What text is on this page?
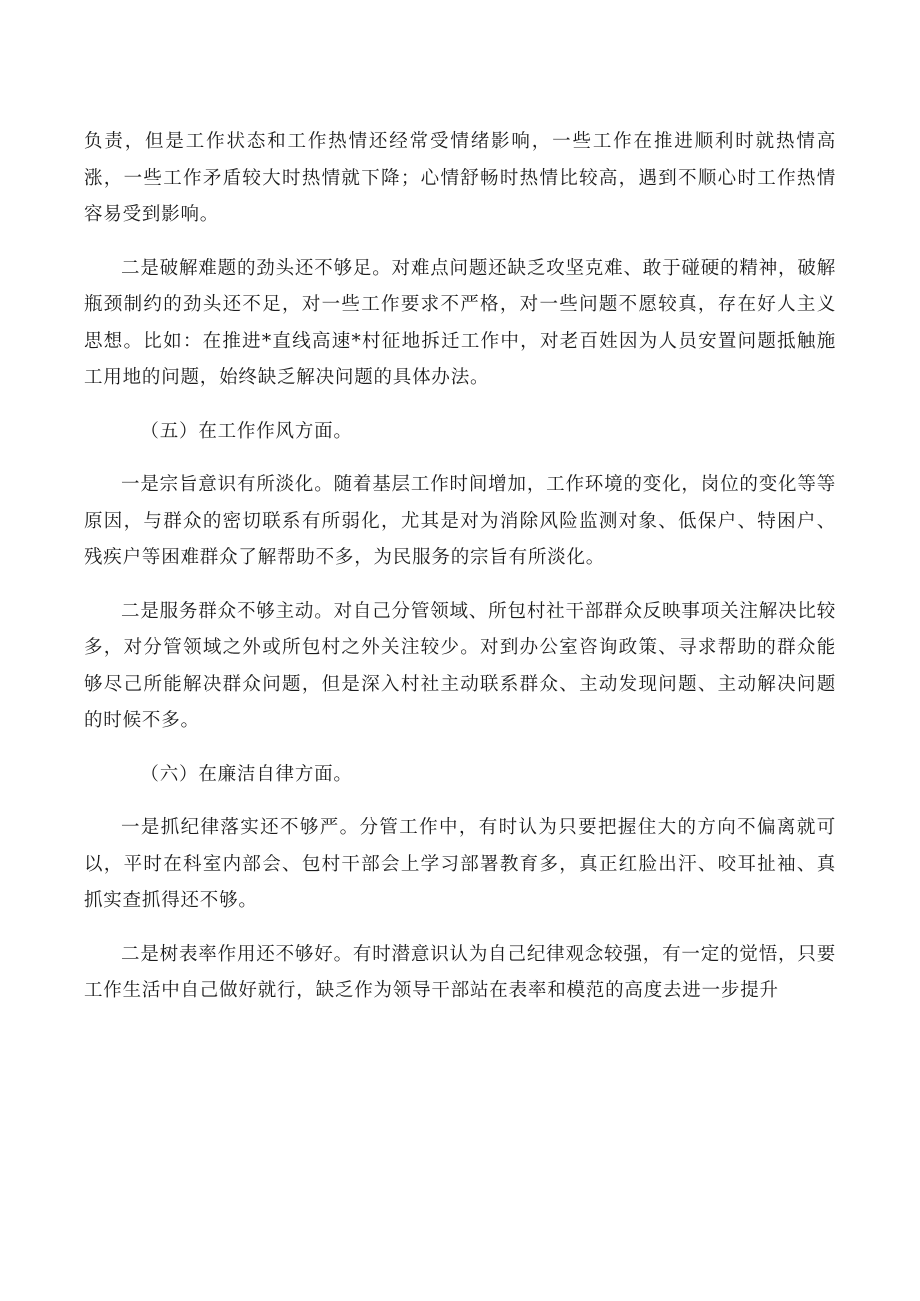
负责，但是工作状态和工作热情还经常受情绪影响，一些工作在推进顺利时就热情高涨，一些工作矛盾较大时热情就下降；心情舒畅时热情比较高，遇到不顺心时工作热情容易受到影响。

二是破解难题的劲头还不够足。对难点问题还缺乏攻坚克难、敢于碰硬的精神，破解瓶颈制约的劲头还不足，对一些工作要求不严格，对一些问题不愿较真，存在好人主义思想。比如：在推进*直线高速*村征地拆迁工作中，对老百姓因为人员安置问题抵触施工用地的问题，始终缺乏解决问题的具体办法。

（五）在工作作风方面。

一是宗旨意识有所淡化。随着基层工作时间增加，工作环境的变化，岗位的变化等等原因，与群众的密切联系有所弱化，尤其是对为消除风险监测对象、低保户、特困户、残疾户等困难群众了解帮助不多，为民服务的宗旨有所淡化。

二是服务群众不够主动。对自己分管领域、所包村社干部群众反映事项关注解决比较多，对分管领域之外或所包村之外关注较少。对到办公室咨询政策、寻求帮助的群众能够尽己所能解决群众问题，但是深入村社主动联系群众、主动发现问题、主动解决问题的时候不多。

（六）在廉洁自律方面。

一是抓纪律落实还不够严。分管工作中，有时认为只要把握住大的方向不偏离就可以，平时在科室内部会、包村干部会上学习部署教育多，真正红脸出汗、咬耳扯袖、真抓实查抓得还不够。

二是树表率作用还不够好。有时潜意识认为自己纪律观念较强，有一定的觉悟，只要工作生活中自己做好就行，缺乏作为领导干部站在表率和模范的高度去进一步提升
